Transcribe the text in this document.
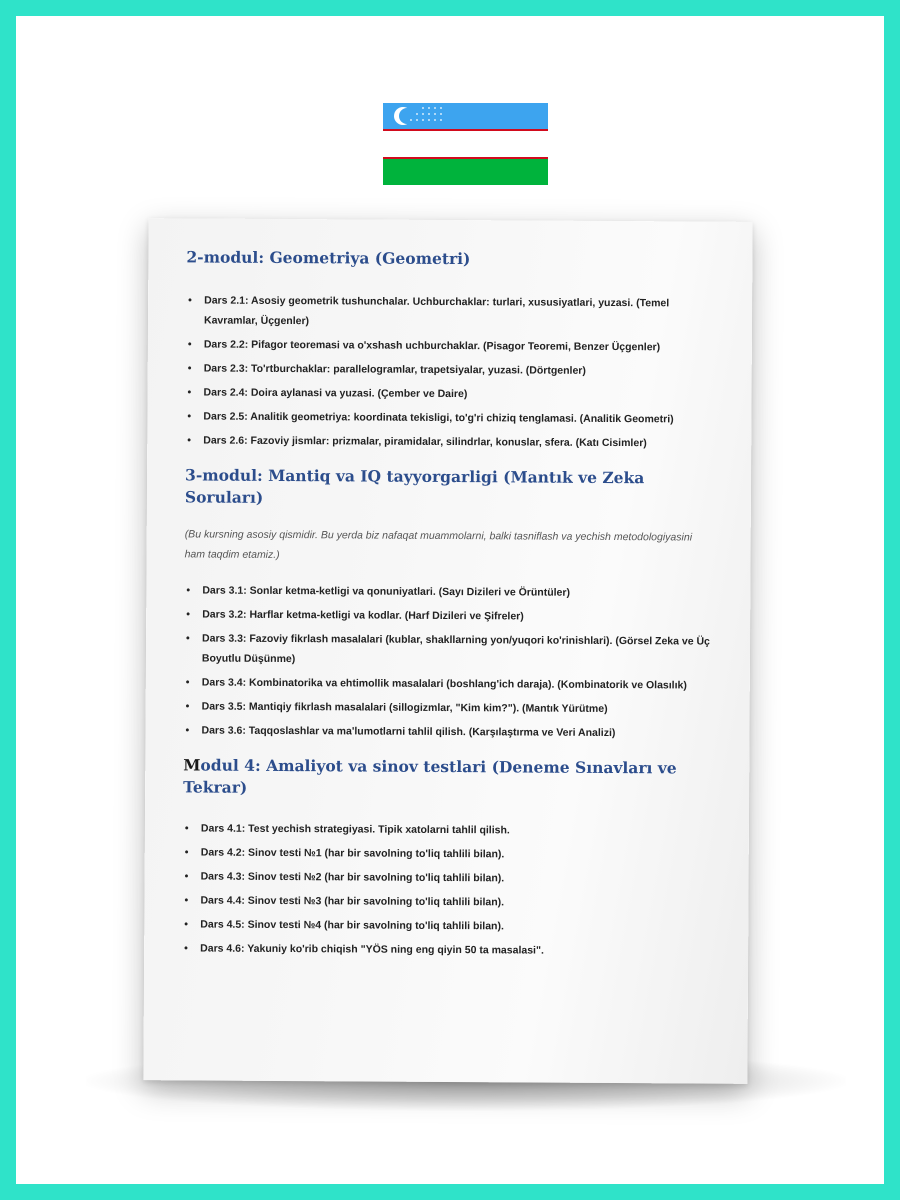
2-modul: Geometriya (Geometri)
• Dars 2.1: Asosiy geometrik tushunchalar. Uchburchaklar: turlari, xususiyatlari, yuzasi. (Temel Kavramlar, Üçgenler)
• Dars 2.2: Pifagor teoremasi va o'xshash uchburchaklar. (Pisagor Teoremi, Benzer Üçgenler)
• Dars 2.3: To'rtburchaklar: parallelogramlar, trapetsiyalar, yuzasi. (Dörtgenler)
• Dars 2.4: Doira aylanasi va yuzasi. (Çember ve Daire)
• Dars 2.5: Analitik geometriya: koordinata tekisligi, to'g'ri chiziq tenglamasi. (Analitik Geometri)
• Dars 2.6: Fazoviy jismlar: prizmalar, piramidalar, silindrlar, konuslar, sfera. (Katı Cisimler)
3-modul: Mantiq va IQ tayyorgarligi (Mantık ve Zeka Soruları)

(Bu kursning asosiy qismidir. Bu yerda biz nafaqat muammolarni, balki tasniflash va yechish metodologiyasini ham taqdim etamiz.)

• Dars 3.1: Sonlar ketma-ketligi va qonuniyatlari. (Sayı Dizileri ve Örüntüler)
• Dars 3.2: Harflar ketma-ketligi va kodlar. (Harf Dizileri ve Şifreler)
• Dars 3.3: Fazoviy fikrlash masalalari (kublar, shakllarning yon/yuqori ko'rinishlari). (Görsel Zeka ve Üç Boyutlu Düşünme)
• Dars 3.4: Kombinatorika va ehtimollik masalalari (boshlang'ich daraja). (Kombinatorik ve Olasılık)
• Dars 3.5: Mantiqiy fikrlash masalalari (sillogizmlar, "Kim kim?"). (Mantık Yürütme)
• Dars 3.6: Taqqoslashlar va ma'lumotlarni tahlil qilish. (Karşılaştırma ve Veri Analizi)
Modul 4: Amaliyot va sinov testlari (Deneme Sınavları ve Tekrar)
• Dars 4.1: Test yechish strategiyasi. Tipik xatolarni tahlil qilish.
• Dars 4.2: Sinov testi №1 (har bir savolning to'liq tahlili bilan).
• Dars 4.3: Sinov testi №2 (har bir savolning to'liq tahlili bilan).
• Dars 4.4: Sinov testi №3 (har bir savolning to'liq tahlili bilan).
• Dars 4.5: Sinov testi №4 (har bir savolning to'liq tahlili bilan).
• Dars 4.6: Yakuniy ko'rib chiqish "YÖS ning eng qiyin 50 ta masalasi".
